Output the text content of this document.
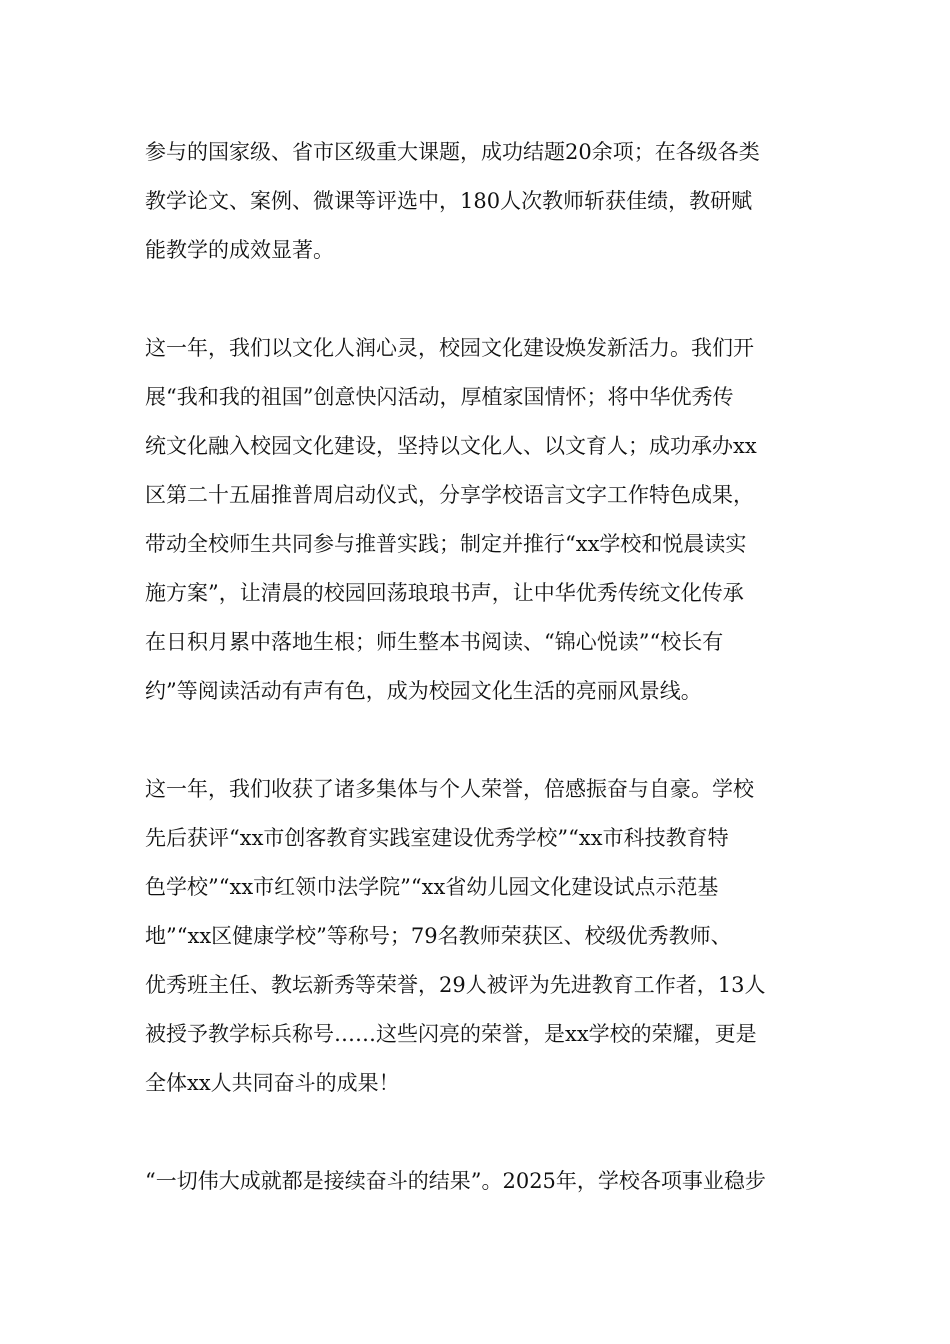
参与的国家级、省市区级重大课题，成功结题20余项；在各级各类
教学论文、案例、微课等评选中，180人次教师斩获佳绩，教研赋
能教学的成效显著。

这一年，我们以文化人润心灵，校园文化建设焕发新活力。我们开
展“我和我的祖国”创意快闪活动，厚植家国情怀；将中华优秀传
统文化融入校园文化建设，坚持以文化人、以文育人；成功承办xx
区第二十五届推普周启动仪式，分享学校语言文字工作特色成果，
带动全校师生共同参与推普实践；制定并推行“xx学校和悦晨读实
施方案”，让清晨的校园回荡琅琅书声，让中华优秀传统文化传承
在日积月累中落地生根；师生整本书阅读、“锦心悦读”“校长有
约”等阅读活动有声有色，成为校园文化生活的亮丽风景线。

这一年，我们收获了诸多集体与个人荣誉，倍感振奋与自豪。学校
先后获评“xx市创客教育实践室建设优秀学校”“xx市科技教育特
色学校”“xx市红领巾法学院”“xx省幼儿园文化建设试点示范基
地”“xx区健康学校”等称号；79名教师荣获区、校级优秀教师、
优秀班主任、教坛新秀等荣誉，29人被评为先进教育工作者，13人
被授予教学标兵称号……这些闪亮的荣誉，是xx学校的荣耀，更是
全体xx人共同奋斗的成果！

“一切伟大成就都是接续奋斗的结果”。2025年，学校各项事业稳步
